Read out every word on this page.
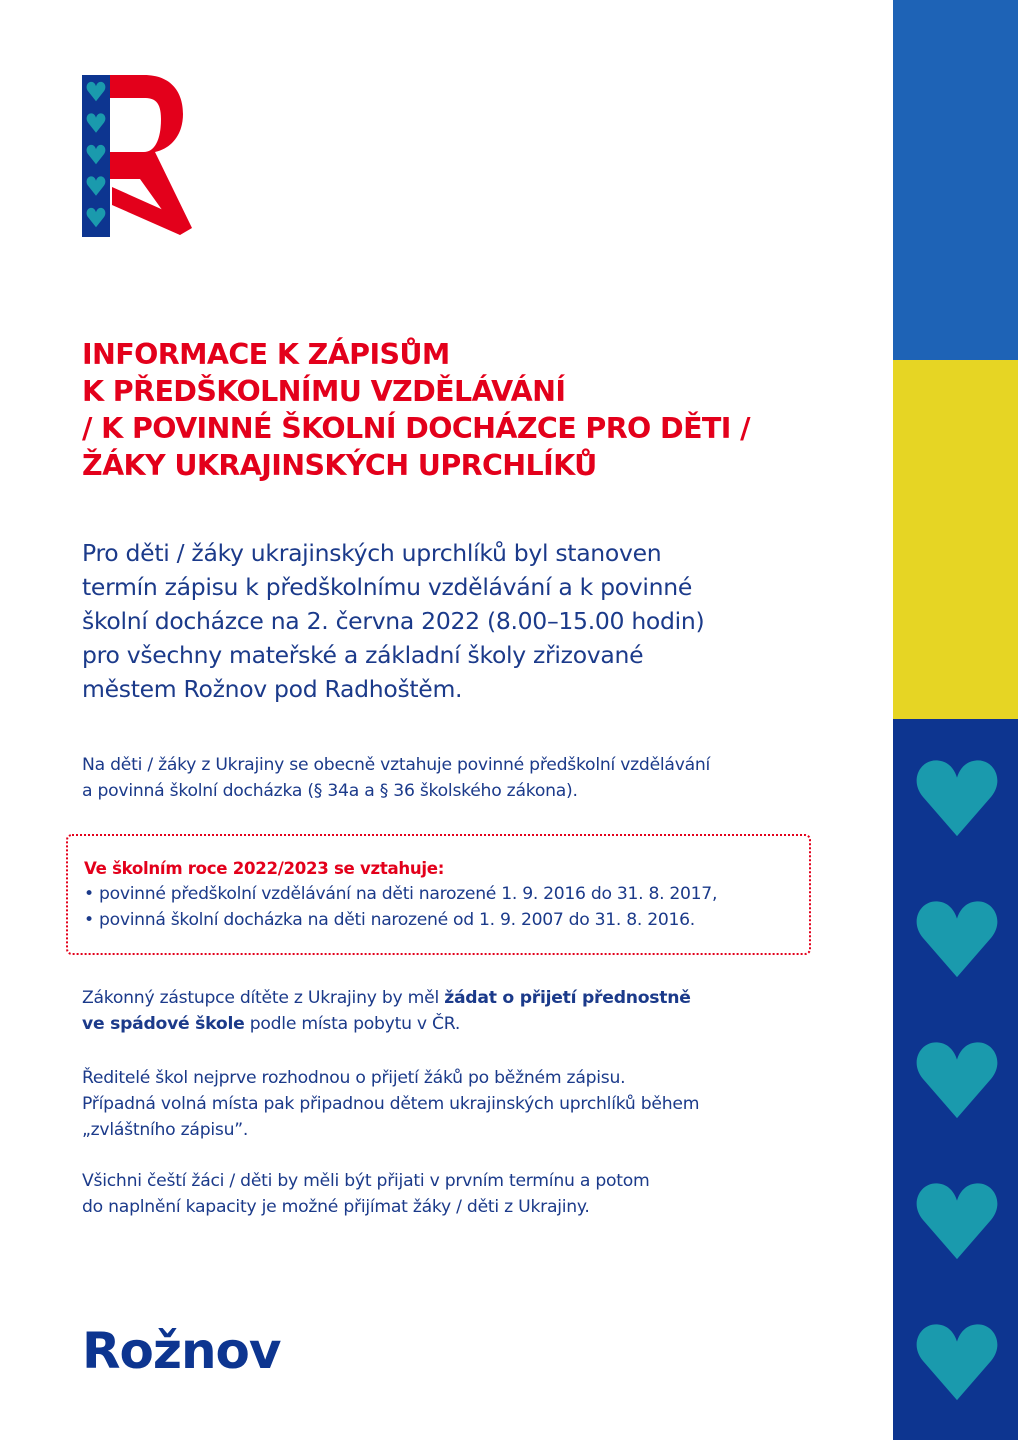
INFORMACE K ZÁPISŮM
K PŘEDŠKOLNÍMU VZDĚLÁVÁNÍ
/ K POVINNÉ ŠKOLNÍ DOCHÁZCE PRO DĚTI /
ŽÁKY UKRAJINSKÝCH UPRCHLÍKŮ
Pro děti / žáky ukrajinských uprchlíků byl stanoven
termín zápisu k předškolnímu vzdělávání a k povinné
školní docházce na 2. června 2022 (8.00–15.00 hodin)
pro všechny mateřské a základní školy zřizované
městem Rožnov pod Radhoštěm.
Na děti / žáky z Ukrajiny se obecně vztahuje povinné předškolní vzdělávání
a povinná školní docházka (§ 34a a § 36 školského zákona).
Ve školním roce 2022/2023 se vztahuje:
• povinné předškolní vzdělávání na děti narozené 1. 9. 2016 do 31. 8. 2017,
• povinná školní docházka na děti narozené od 1. 9. 2007 do 31. 8. 2016.
Zákonný zástupce dítěte z Ukrajiny by měl žádat o přijetí přednostně
ve spádové škole podle místa pobytu v ČR.
Ředitelé škol nejprve rozhodnou o přijetí žáků po běžném zápisu.
Případná volná místa pak připadnou dětem ukrajinských uprchlíků během
„zvláštního zápisu”.
Všichni čeští žáci / děti by měli být přijati v prvním termínu a potom
do naplnění kapacity je možné přijímat žáky / děti z Ukrajiny.
Rožnov
